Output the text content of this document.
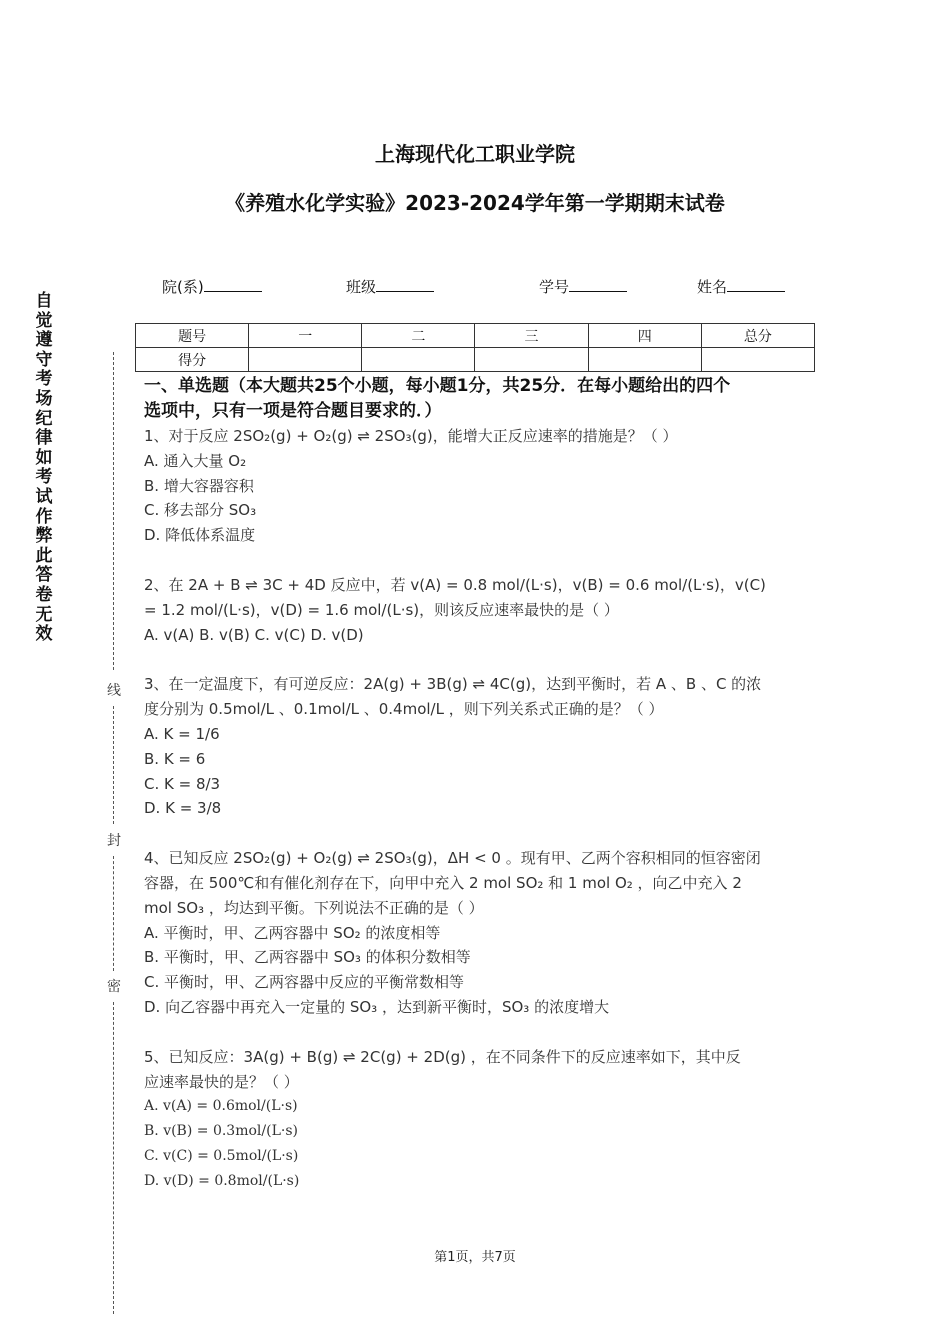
上海现代化工职业学院
《养殖水化学实验》2023-2024学年第一学期期末试卷
自觉遵守考场纪律如考试作弊此答卷无效
线
封
密
院(系)	班级	学号	姓名
题号	一	二	三	四	总分
得分					
一、单选题（本大题共25个小题，每小题1分，共25分．在每小题给出的四个
选项中，只有一项是符合题目要求的．）
1、对于反应 2SO₂(g) + O₂(g) ⇌ 2SO₃(g)，能增大正反应速率的措施是？（ ）
A. 通入大量 O₂
B. 增大容器容积
C. 移去部分 SO₃
D. 降低体系温度
2、在 2A + B ⇌ 3C + 4D 反应中，若 v(A) = 0.8 mol/(L·s)，v(B) = 0.6 mol/(L·s)，v(C)
= 1.2 mol/(L·s)，v(D) = 1.6 mol/(L·s)，则该反应速率最快的是（ ）
A. v(A) B. v(B) C. v(C) D. v(D)
3、在一定温度下，有可逆反应：2A(g) + 3B(g) ⇌ 4C(g)，达到平衡时，若 A 、B 、C 的浓
度分别为 0.5mol/L 、0.1mol/L 、0.4mol/L ，则下列关系式正确的是？（ ）
A. K = 1/6
B. K = 6
C. K = 8/3
D. K = 3/8
4、已知反应 2SO₂(g) + O₂(g) ⇌ 2SO₃(g)，ΔH < 0 。现有甲、乙两个容积相同的恒容密闭
容器，在 500℃和有催化剂存在下，向甲中充入 2 mol SO₂ 和 1 mol O₂ ，向乙中充入 2
mol SO₃ ，均达到平衡。下列说法不正确的是（ ）
A. 平衡时，甲、乙两容器中 SO₂ 的浓度相等
B. 平衡时，甲、乙两容器中 SO₃ 的体积分数相等
C. 平衡时，甲、乙两容器中反应的平衡常数相等
D. 向乙容器中再充入一定量的 SO₃ ，达到新平衡时，SO₃ 的浓度增大
5、已知反应：3A(g) + B(g) ⇌ 2C(g) + 2D(g) ，在不同条件下的反应速率如下，其中反
应速率最快的是？（ ）
A. v(A) = 0.6mol/(L·s)
B. v(B) = 0.3mol/(L·s)
C. v(C) = 0.5mol/(L·s)
D. v(D) = 0.8mol/(L·s)
第1页，共7页
